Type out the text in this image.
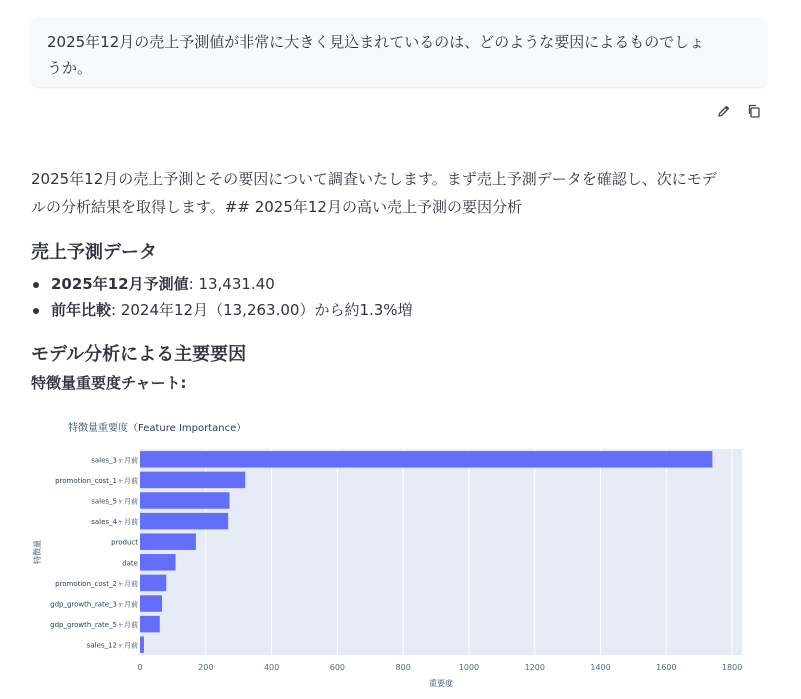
2025年12月の売上予測値が非常に大きく見込まれているのは、どのような要因によるものでしょ
うか。
2025年12月の売上予測とその要因について調査いたします。まず売上予測データを確認し、次にモデ
ルの分析結果を取得します。## 2025年12月の高い売上予測の要因分析
売上予測データ
2025年12月予測値: 13,431.40
前年比較: 2024年12月（13,263.00）から約1.3%増
モデル分析による主要要因
特徴量重要度チャート:
特徴量重要度（Feature Importance）
0	200	400	600	800	1000	1200	1400	1600	1800
sales_3ヶ月前
promotion_cost_1ヶ月前
sales_5ヶ月前
sales_4ヶ月前
product
date
promotion_cost_2ヶ月前
gdp_growth_rate_3ヶ月前
gdp_growth_rate_5ヶ月前
sales_12ヶ月前
重要度
特徴量
